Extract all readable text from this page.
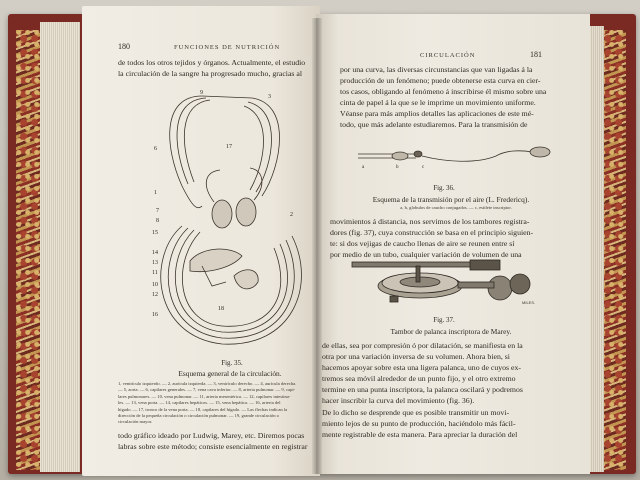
180	FUNCIONES DE NUTRICIÓN

de todos los otros tejidos y órganos. Actualmente, el estudio

la circulación de la sangre ha progresado mucho, gracias al

9
3
17
6
1
7
8
2
15
14
13
11
10
12
18
16
Fig. 35.
Esquema general de la circulación.
1, ventrículo izquierdo. — 2, aurícula izquierda. — 3, ventrículo derecho. — 4, aurícula derecha.
— 5, aorta. — 6, capilares generales. — 7, vena cava inferior. — 8, arteria pulmonar. — 9, capi-
lares pulmonares. — 10, vena pulmonar. — 11, arteria mesentérica. — 12, capilares intestina-
les. — 13, vena porta. — 14, capilares hepáticos. — 15, vena hepática. — 16, arteria del
hígado. — 17, tronco de la vena porta. — 18, capilares del hígado. — Las flechas indican la
dirección de la pequeña circulación o circulación pulmonar. — 19, grande circulación o
circulación mayor.

todo gráfico ideado por Ludwig, Marey, etc. Diremos pocas

labras sobre este método; consiste esencialmente en registrar

CIRCULACIÓN	181

por una curva, las diversas circunstancias que van ligadas á la

producción de un fenómeno; puede obtenerse esta curva en cier-

tos casos, obligando al fenómeno á inscribirse él mismo sobre una

cinta de papel á la que se le imprime un movimiento uniforme.

Véanse para más amplios detalles las aplicaciones de este mé-

todo, que más adelante estudiaremos. Para la transmisión de

a	b	c
Fig. 36.
Esquema de la transmisión por el aire (L. Fredericq).
a, b, globulos de caucho conjugados. — c, estilete inscriptor.

movimientos á distancia, nos servimos de los tambores registra-

dores (fig. 37), cuya construcción se basa en el principio siguien-

te: si dos vejigas de caucho llenas de aire se reunen entre sí

por medio de un tubo, cualquier variación de volumen de una

MILES.
Fig. 37.
Tambor de palanca inscriptora de Marey.

de ellas, sea por compresión ó por dilatación, se manifiesta en la

otra por una variación inversa de su volumen. Ahora bien, si

hacemos apoyar sobre esta una ligera palanca, uno de cuyos ex-

tremos sea móvil alrededor de un punto fijo, y el otro extremo

termine en una punta inscriptora, la palanca oscilará y podremos

hacer inscribir la curva del movimiento (fig. 36).

De lo dicho se desprende que es posible transmitir un movi-

miento lejos de su punto de producción, haciéndolo más fácil-

mente registrable de esta manera. Para apreciar la duración del
